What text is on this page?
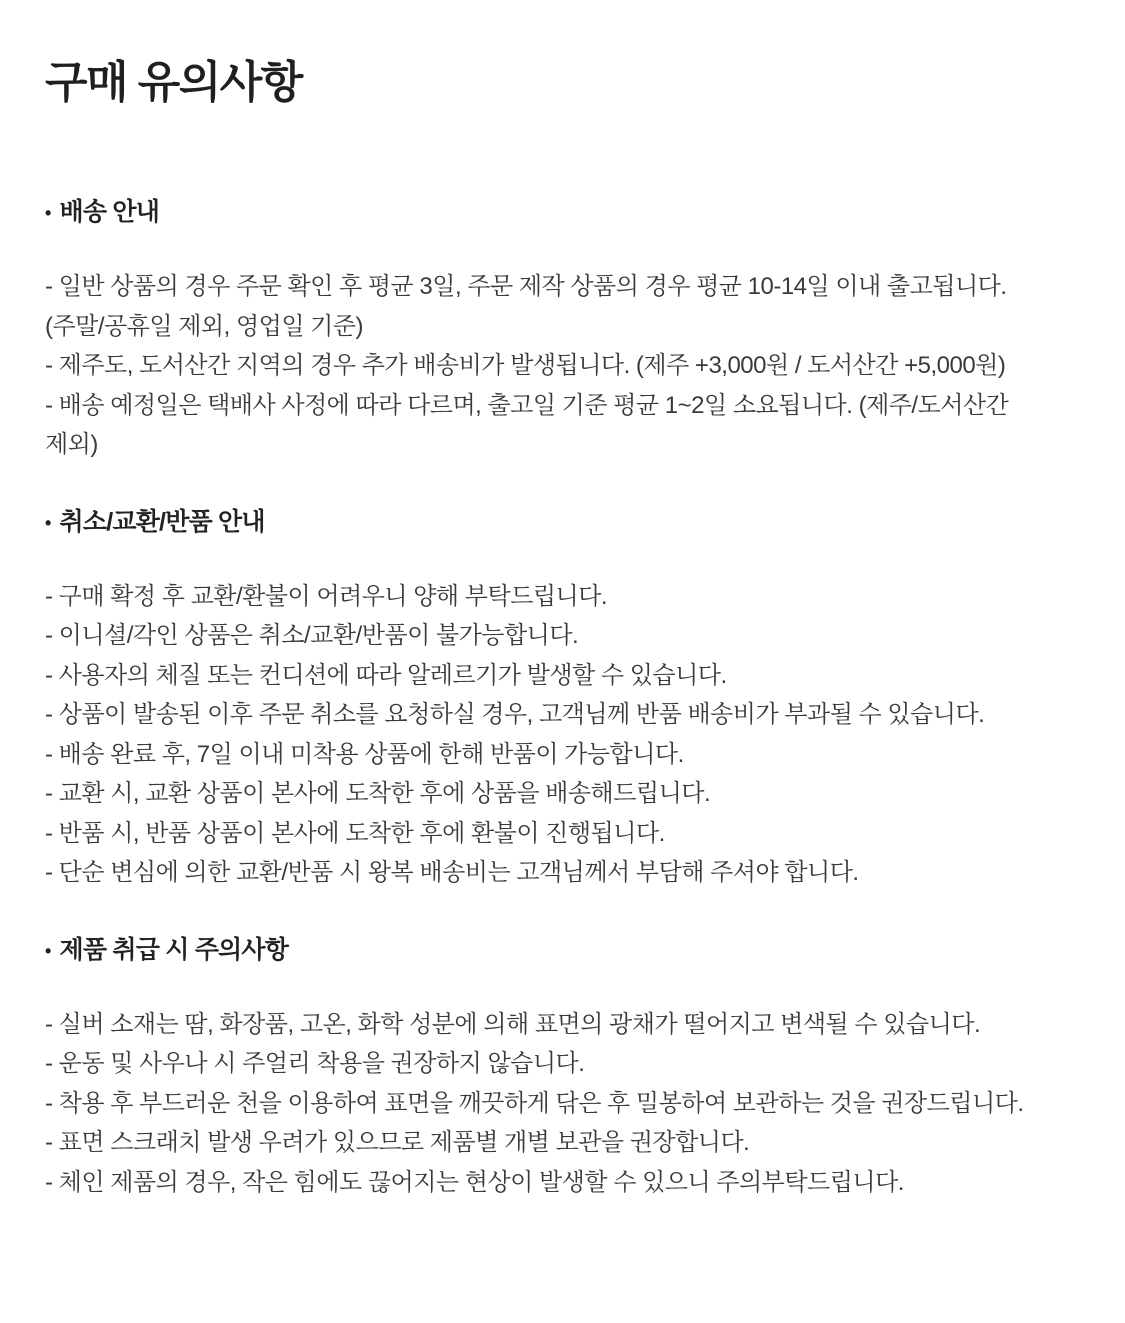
구매 유의사항
• 배송 안내
- 일반 상품의 경우 주문 확인 후 평균 3일, 주문 제작 상품의 경우 평균 10-14일 이내 출고됩니다.
(주말/공휴일 제외, 영업일 기준)
- 제주도, 도서산간 지역의 경우 추가 배송비가 발생됩니다. (제주 +3,000원 / 도서산간 +5,000원)
- 배송 예정일은 택배사 사정에 따라 다르며, 출고일 기준 평균 1~2일 소요됩니다. (제주/도서산간
제외)
• 취소/교환/반품 안내
- 구매 확정 후 교환/환불이 어려우니 양해 부탁드립니다.
- 이니셜/각인 상품은 취소/교환/반품이 불가능합니다.
- 사용자의 체질 또는 컨디션에 따라 알레르기가 발생할 수 있습니다.
- 상품이 발송된 이후 주문 취소를 요청하실 경우, 고객님께 반품 배송비가 부과될 수 있습니다.
- 배송 완료 후, 7일 이내 미착용 상품에 한해 반품이 가능합니다.
- 교환 시, 교환 상품이 본사에 도착한 후에 상품을 배송해드립니다.
- 반품 시, 반품 상품이 본사에 도착한 후에 환불이 진행됩니다.
- 단순 변심에 의한 교환/반품 시 왕복 배송비는 고객님께서 부담해 주셔야 합니다.
• 제품 취급 시 주의사항
- 실버 소재는 땀, 화장품, 고온, 화학 성분에 의해 표면의 광채가 떨어지고 변색될 수 있습니다.
- 운동 및 사우나 시 주얼리 착용을 권장하지 않습니다.
- 착용 후 부드러운 천을 이용하여 표면을 깨끗하게 닦은 후 밀봉하여 보관하는 것을 권장드립니다.
- 표면 스크래치 발생 우려가 있으므로 제품별 개별 보관을 권장합니다.
- 체인 제품의 경우, 작은 힘에도 끊어지는 현상이 발생할 수 있으니 주의부탁드립니다.
